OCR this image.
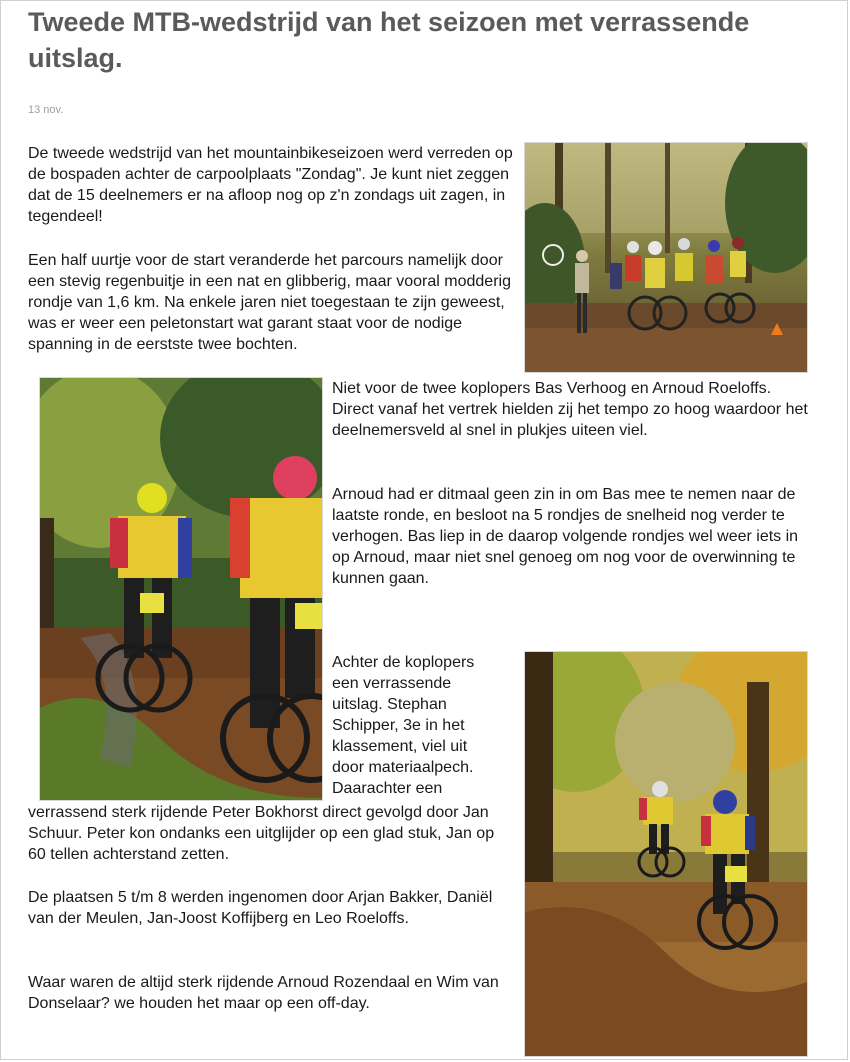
Tweede MTB-wedstrijd van het seizoen met verrassende uitslag.
13 nov.

De tweede wedstrijd van het mountainbikeseizoen werd verreden op de bospaden achter de carpoolplaats "Zondag". Je kunt niet zeggen dat de 15 deelnemers er na afloop nog op z'n zondags uit zagen, in tegendeel!

Een half uurtje voor de start veranderde het parcours namelijk door een stevig regenbuitje in een nat en glibberig, maar vooral modderig rondje van 1,6 km. Na enkele jaren niet toegestaan te zijn geweest, was er weer een peletonstart wat garant staat voor de nodige spanning in de eerstste twee bochten.

Niet voor de twee koplopers Bas Verhoog en Arnoud Roeloffs. Direct vanaf het vertrek hielden zij het tempo zo hoog waardoor het deelnemersveld al snel in plukjes uiteen viel.

Arnoud had er ditmaal geen zin in om Bas mee te nemen naar de laatste ronde, en besloot na 5 rondjes de snelheid nog verder te verhogen. Bas liep in de daarop volgende rondjes wel weer iets in op Arnoud, maar niet snel genoeg om nog voor de overwinning te kunnen gaan.

Achter de koplopers een verrassende uitslag. Stephan Schipper, 3e in het klassement, viel uit door materiaalpech. Daarachter een

verrassend sterk rijdende Peter Bokhorst direct gevolgd door Jan Schuur. Peter kon ondanks een uitglijder op een glad stuk, Jan op 60 tellen achterstand zetten.

De plaatsen 5 t/m 8 werden ingenomen door Arjan Bakker, Daniël van der Meulen, Jan-Joost Koffijberg en Leo Roeloffs.

Waar waren de altijd sterk rijdende Arnoud Rozendaal en Wim van Donselaar? we houden het maar op een off-day.
